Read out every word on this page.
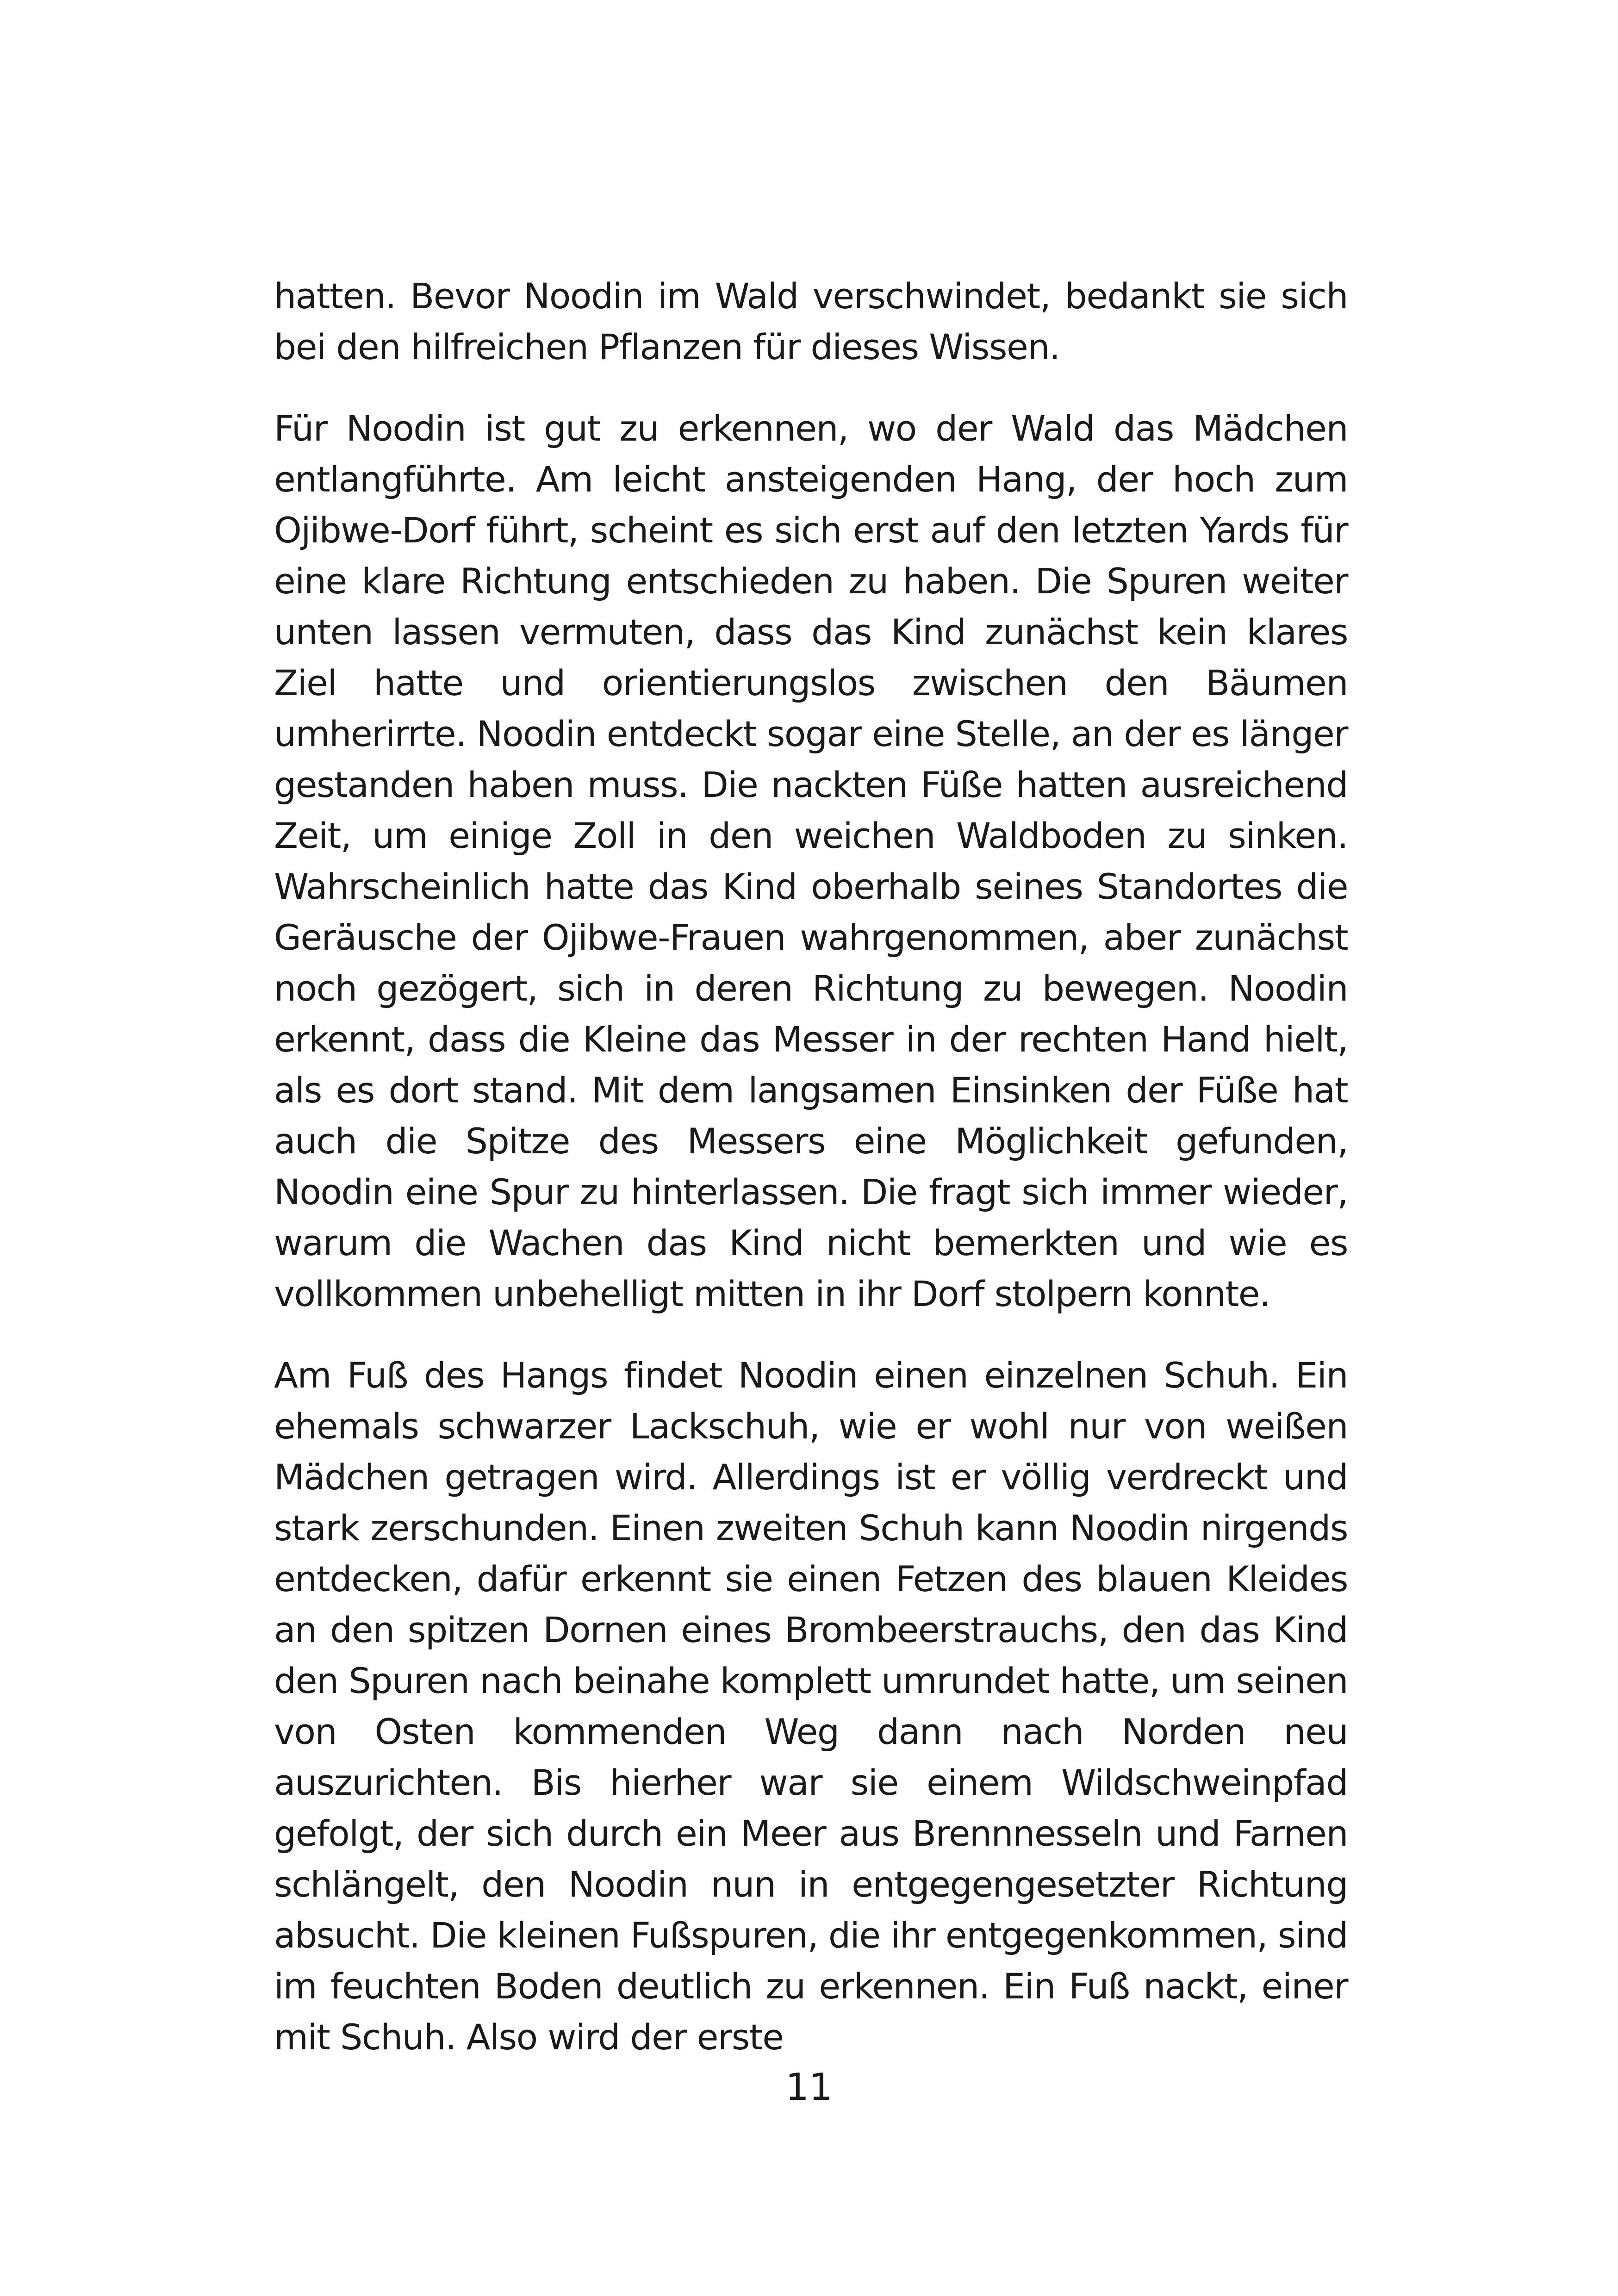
hatten. Bevor Noodin im Wald verschwindet, bedankt sie sich bei den hilfreichen Pflanzen für dieses Wissen.

Für Noodin ist gut zu erkennen, wo der Wald das Mädchen entlangführte. Am leicht ansteigenden Hang, der hoch zum Ojibwe-Dorf führt, scheint es sich erst auf den letzten Yards für eine klare Richtung entschieden zu haben. Die Spuren weiter unten lassen vermuten, dass das Kind zunächst kein klares Ziel hatte und orientierungslos zwischen den Bäumen umherirrte. Noodin entdeckt sogar eine Stelle, an der es länger gestanden haben muss. Die nackten Füße hatten ausreichend Zeit, um einige Zoll in den weichen Waldboden zu sinken. Wahrscheinlich hatte das Kind oberhalb seines Standortes die Geräusche der Ojibwe-Frauen wahrgenommen, aber zunächst noch gezögert, sich in deren Richtung zu bewegen. Noodin erkennt, dass die Kleine das Messer in der rechten Hand hielt, als es dort stand. Mit dem langsamen Einsinken der Füße hat auch die Spitze des Messers eine Möglichkeit gefunden, Noodin eine Spur zu hinterlassen. Die fragt sich immer wieder, warum die Wachen das Kind nicht bemerkten und wie es vollkommen unbehelligt mitten in ihr Dorf stolpern konnte.

Am Fuß des Hangs findet Noodin einen einzelnen Schuh. Ein ehemals schwarzer Lackschuh, wie er wohl nur von weißen Mädchen getragen wird. Allerdings ist er völlig verdreckt und stark zerschunden. Einen zweiten Schuh kann Noodin nirgends entdecken, dafür erkennt sie einen Fetzen des blauen Kleides an den spitzen Dornen eines Brombeerstrauchs, den das Kind den Spuren nach beinahe komplett umrundet hatte, um seinen von Osten kommenden Weg dann nach Norden neu auszurichten. Bis hierher war sie einem Wildschweinpfad gefolgt, der sich durch ein Meer aus Brennnesseln und Farnen schlängelt, den Noodin nun in entgegengesetzter Richtung absucht. Die kleinen Fußspuren, die ihr entgegenkommen, sind im feuchten Boden deutlich zu erkennen. Ein Fuß nackt, einer mit Schuh. Also wird der erste

11
